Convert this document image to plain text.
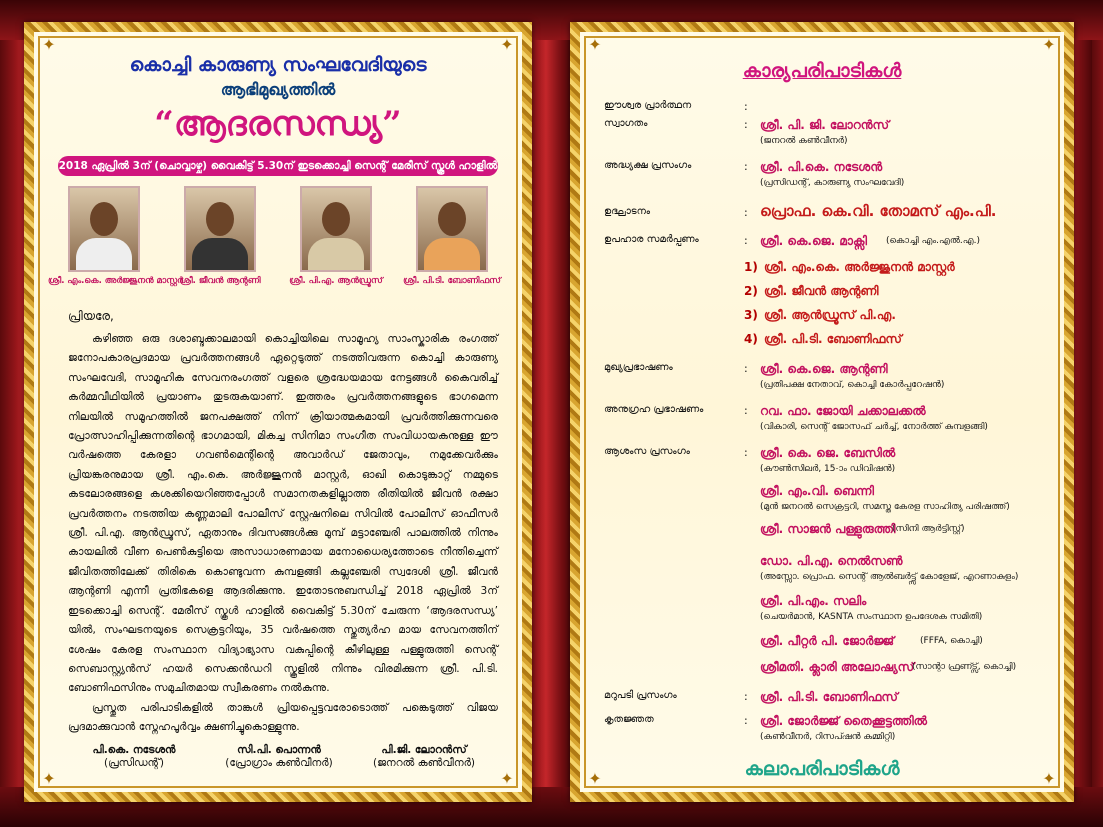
✦	✦
✦	✦
കൊച്ചി കാരുണ്യ സംഘവേദിയുടെ
ആഭിമുഖ്യത്തിൽ
“ആദരസന്ധ്യ”
2018 ഏപ്രിൽ 3ന് (ചൊവ്വാഴ്ച) വൈകിട്ട് 5.30ന് ഇടക്കൊച്ചി സെന്റ് മേരീസ് സ്കൂൾ ഹാളിൽ
ശ്രീ. എം.കെ. അർജ്ജുനൻ മാസ്റ്റർ
ശ്രീ. ജീവൻ ആന്റണി	ശ്രീ. പി.എ. ആൻഡ്രൂസ്	ശ്രീ. പി.ടി. ബോണിഫസ്
പ്രിയരേ,

കഴിഞ്ഞ ഒരു ദശാബ്ദക്കാലമായി കൊച്ചിയിലെ സാമൂഹ്യ സാംസ്കാരിക രംഗത്ത് ജനോപകാരപ്രദമായ പ്രവർത്തനങ്ങൾ ഏറ്റെടുത്ത് നടത്തിവരുന്ന കൊച്ചി കാരുണ്യ സംഘവേദി, സാമൂഹിക സേവനരംഗത്ത് വളരെ ശ്രദ്ധേയമായ നേട്ടങ്ങൾ കൈവരിച്ച് കർമ്മവീഥിയിൽ പ്രയാണം തുടരുകയാണ്. ഇത്തരം പ്രവർത്തനങ്ങളുടെ ഭാഗമെന്ന നിലയിൽ സമൂഹത്തിൽ ജനപക്ഷത്ത് നിന്ന് ക്രിയാത്മകമായി പ്രവർത്തിക്കുന്നവരെ പ്രോത്സാഹിപ്പിക്കുന്നതിന്റെ ഭാഗമായി, മികച്ച സിനിമാ സംഗീത സംവിധായകനുള്ള ഈ വർഷത്തെ കേരളാ ഗവൺമെന്റിന്റെ അവാർഡ് ജേതാവും, നമുക്കേവർക്കും പ്രിയങ്കരനുമായ ശ്രീ. എം.കെ. അർജ്ജുനൻ മാസ്റ്റർ, ഓഖി കൊടുങ്കാറ്റ് നമ്മുടെ കടലോരങ്ങളെ കശക്കിയെറിഞ്ഞപ്പോൾ സമാനതകളില്ലാത്ത രീതിയിൽ ജീവൻ രക്ഷാ പ്രവർത്തനം നടത്തിയ കണ്ണമാലി പോലീസ് സ്റ്റേഷനിലെ സിവിൽ പോലീസ് ഓഫീസർ ശ്രീ. പി.എ. ആൻഡ്രൂസ്, ഏതാനും ദിവസങ്ങൾക്കു മുമ്പ് മട്ടാഞ്ചേരി പാലത്തിൽ നിന്നും കായലിൽ വീണ പെൺകുട്ടിയെ അസാധാരണമായ മനോധൈര്യത്തോടെ നീന്തിച്ചെന്ന് ജീവിതത്തിലേക്ക് തിരികെ കൊണ്ടുവന്ന കുമ്പളങ്ങി കല്ലഞ്ചേരി സ്വദേശി ശ്രീ. ജീവൻ ആന്റണി എന്നീ പ്രതിഭകളെ ആദരിക്കുന്നു. ഇതോടനുബന്ധിച്ച് 2018 ഏപ്രിൽ 3ന് ഇടക്കൊച്ചി സെന്റ്. മേരീസ് സ്കൂൾ ഹാളിൽ വൈകിട്ട് 5.30ന് ചേരുന്ന ‘ആദരസന്ധ്യ’ യിൽ, സംഘടനയുടെ സെക്രട്ടറിയും, 35 വർഷത്തെ സ്തുത്യർഹ മായ സേവനത്തിന് ശേഷം കേരള സംസ്ഥാന വിദ്യാഭ്യാസ വകുപ്പിന്റെ കീഴിലുള്ള പള്ളുരുത്തി സെന്റ് സെബാസ്റ്റ്യൻസ് ഹയർ സെക്കൻഡറി സ്കൂളിൽ നിന്നും വിരമിക്കുന്ന ശ്രീ. പി.ടി. ബോണിഫസിനും സമുചിതമായ സ്വീകരണം നൽകുന്നു.

പ്രസ്തുത പരിപാടികളിൽ താങ്കൾ പ്രിയപ്പെട്ടവരോടൊത്ത് പങ്കെടുത്ത് വിജയ പ്രദമാക്കുവാൻ സ്നേഹപൂർവ്വം ക്ഷണിച്ചുകൊള്ളുന്നു.

പി.കെ. നടേശൻ
(പ്രസിഡന്റ്)
സി.പി. പൊന്നൻ
(പ്രോഗ്രാം കൺവീനർ)
പി.ജി. ലോറൻസ്
(ജനറൽ കൺവീനർ)
✦	✦
✦	✦
കാര്യപരിപാടികൾ
ഈശ്വര പ്രാർത്ഥന	:
സ്വാഗതം	: ശ്രീ. പി. ജി. ലോറൻസ്
(ജനറൽ കൺവീനർ)
അദ്ധ്യക്ഷ പ്രസംഗം	: ശ്രീ. പി.കെ. നടേശൻ
(പ്രസിഡന്റ്, കാരുണ്യ സംഘവേദി)
ഉദ്ഘാടനം	: പ്രൊഫ. കെ.വി. തോമസ് എം.പി.
ഉപഹാര സമർപ്പണം	: ശ്രീ. കെ.ജെ. മാക്സി (കൊച്ചി എം.എൽ.എ.)
1) ശ്രീ. എം.കെ. അർജ്ജുനൻ മാസ്റ്റർ
2) ശ്രീ. ജീവൻ ആന്റണി
3) ശ്രീ. ആൻഡ്രൂസ് പി.എ.
4) ശ്രീ. പി.ടി. ബോണിഫസ്
മുഖ്യപ്രഭാഷണം	: ശ്രീ. കെ.ജെ. ആന്റണി
(പ്രതിപക്ഷ നേതാവ്, കൊച്ചി കോർപ്പറേഷൻ)
അനുഗ്രഹ പ്രഭാഷണം	: റവ. ഫാ. ജോയി ചക്കാലക്കൽ
(വികാരി, സെന്റ് ജോസഫ് ചർച്ച്, നോർത്ത് കുമ്പളങ്ങി)
ആശംസ പ്രസംഗം	: ശ്രീ. കെ. ജെ. ബേസിൽ
(കൗൺസിലർ, 15-ാം ഡിവിഷൻ)
ശ്രീ. എം.വി. ബെന്നി
(മുൻ ജനറൽ സെക്രട്ടറി, സമസ്ത കേരള സാഹിത്യ പരിഷത്ത്)
ശ്രീ. സാജൻ പള്ളുരുത്തി
(സിനി ആർട്ടിസ്റ്റ്)
ഡോ. പി.എ. നെൽസൺ
(അസ്സോ. പ്രൊഫ. സെന്റ് ആൽബർട്ട്സ് കോളേജ്, എറണാകുളം)
ശ്രീ. പി.എം. സലിം
(ചെയർമാൻ, KASNTA സംസ്ഥാന ഉപദേശക സമിതി)
ശ്രീ. പീറ്റർ പി. ജോർജ്ജ്	(FFFA, കൊച്ചി)
ശ്രീമതി. ക്ലാരി അലോഷ്യസ്
(സാന്റാ ഫ്രണ്ട്സ്, കൊച്ചി)
മറുപടി പ്രസംഗം	: ശ്രീ. പി.ടി. ബോണിഫസ്
കൃതജ്ഞത	: ശ്രീ. ജോർജ്ജ് തൈക്കൂട്ടത്തിൽ
(കൺവീനർ, റിസപ്ഷൻ കമ്മിറ്റി)
കലാപരിപാടികൾ
